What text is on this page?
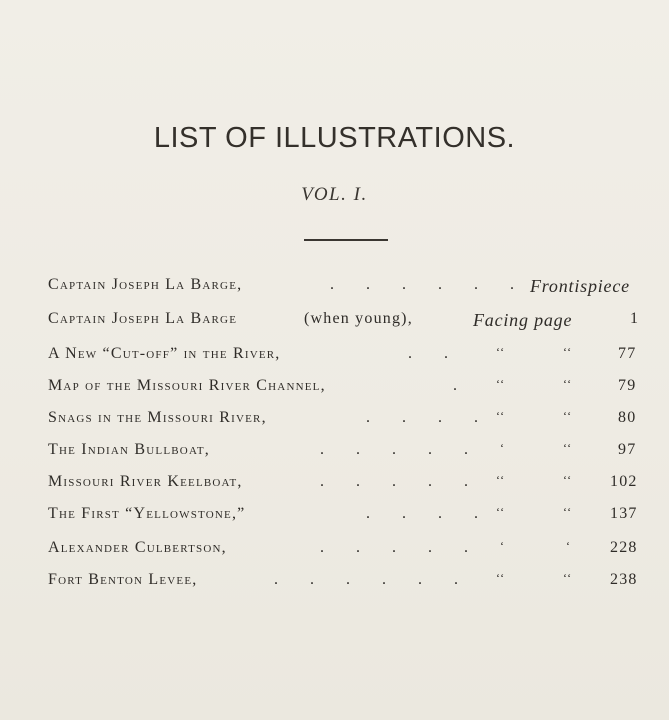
LIST OF ILLUSTRATIONS.
VOL. I.
Captain Joseph La Barge,	. . . . . . Frontispiece
Captain Joseph La Barge	(when young),	Facing page	1
A New “Cut-off” in the River,	. .	‘‘	‘‘	77
Map of the Missouri River Channel,	. ‘‘	‘‘	79
Snags in the Missouri River,	. . . . ‘‘	‘‘	80
The Indian Bullboat,	. . . . . ‘	‘‘	97
Missouri River Keelboat,	. . . . . ‘‘	‘‘ 102
The First “Yellowstone,”	. . . . ‘‘	‘‘ 137
Alexander Culbertson,	. . . . . ‘	‘ 228
Fort Benton Levee,	. . . . . . ‘‘	‘‘ 238
